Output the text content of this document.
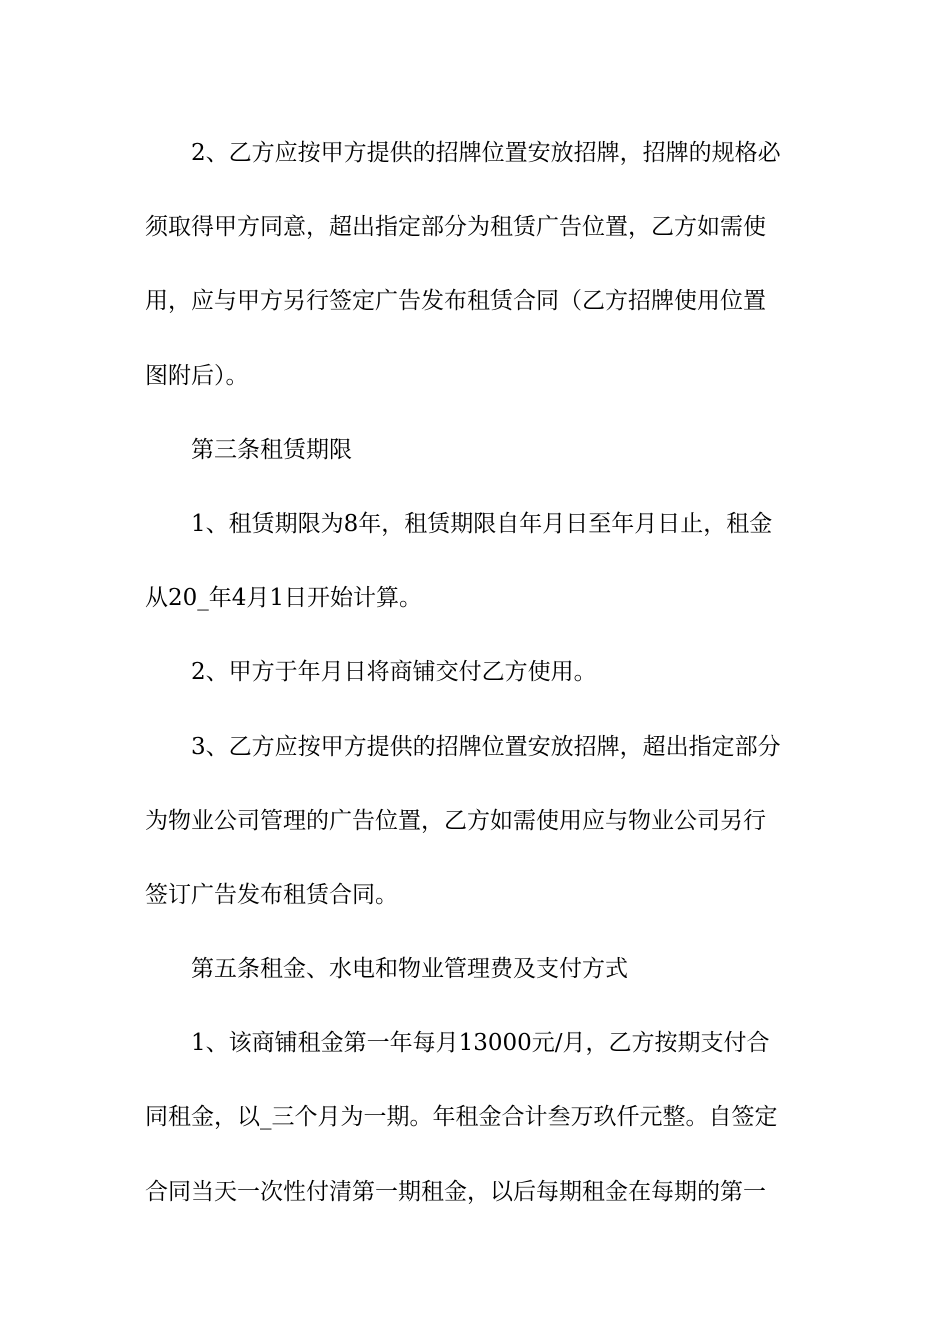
2、乙方应按甲方提供的招牌位置安放招牌，招牌的规格必
须取得甲方同意，超出指定部分为租赁广告位置，乙方如需使
用，应与甲方另行签定广告发布租赁合同（乙方招牌使用位置
图附后）。
第三条租赁期限
1、租赁期限为8年，租赁期限自年月日至年月日止，租金
从20_年4月1日开始计算。
2、甲方于年月日将商铺交付乙方使用。
3、乙方应按甲方提供的招牌位置安放招牌，超出指定部分
为物业公司管理的广告位置，乙方如需使用应与物业公司另行
签订广告发布租赁合同。
第五条租金、水电和物业管理费及支付方式
1、该商铺租金第一年每月13000元/月，乙方按期支付合
同租金，以_三个月为一期。年租金合计叁万玖仟元整。自签定
合同当天一次性付清第一期租金，以后每期租金在每期的第一
